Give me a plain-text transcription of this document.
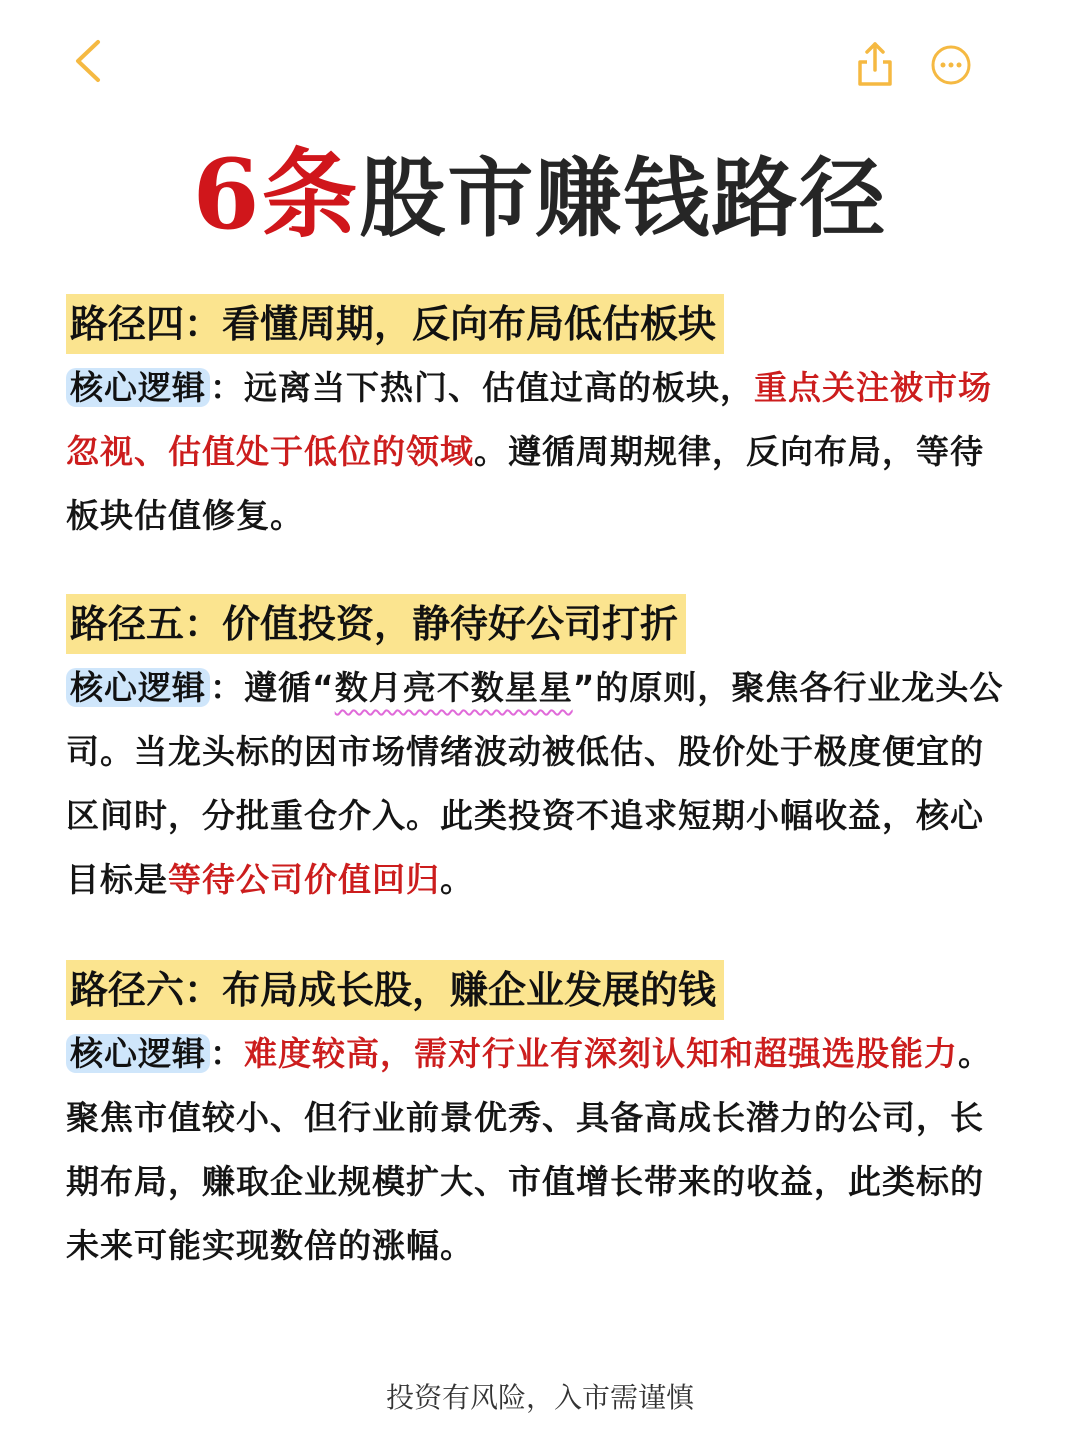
6条股市赚钱路径
路径四：看懂周期，反向布局低估板块
核心逻辑 ：远离当下热门、估值过高的板块，重点关注被市场忽视、估值处于低位的领域。遵循周期规律，反向布局，等待板块估值修复。
路径五：价值投资，静待好公司打折
核心逻辑 ：遵循“数月亮不数星星”的原则，聚焦各行业龙头公司。当龙头标的因市场情绪波动被低估、股价处于极度便宜的区间时，分批重仓介入。此类投资不追求短期小幅收益，核心目标是等待公司价值回归。
路径六：布局成长股，赚企业发展的钱
核心逻辑 ：难度较高，需对行业有深刻认知和超强选股能力。聚焦市值较小、但行业前景优秀、具备高成长潜力的公司，长期布局，赚取企业规模扩大、市值增长带来的收益，此类标的未来可能实现数倍的涨幅。
投资有风险，入市需谨慎
